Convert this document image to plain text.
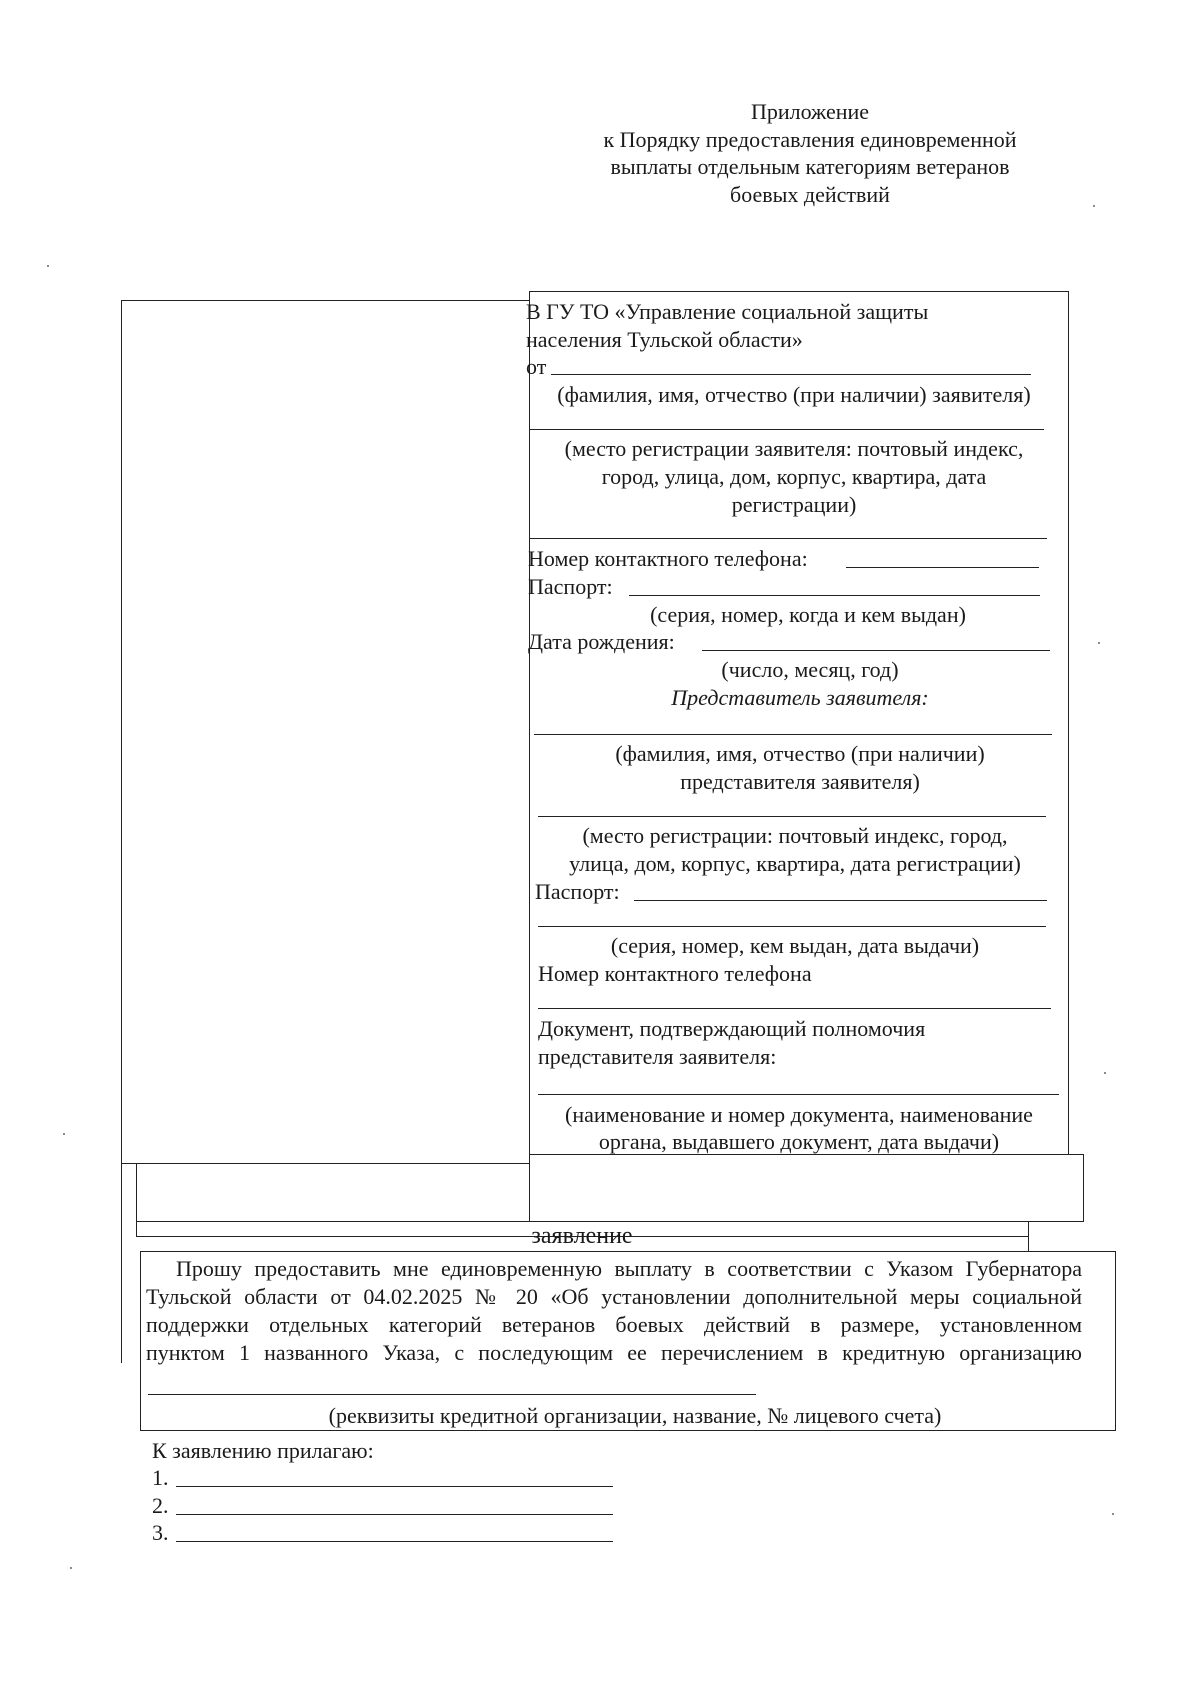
Приложение
к Порядку предоставления единовременной
выплаты отдельным категориям ветеранов
боевых действий
В ГУ ТО «Управление социальной защиты
населения Тульской области»
от
(фамилия, имя, отчество (при наличии) заявителя)
(место регистрации заявителя: почтовый индекс,
город, улица, дом, корпус, квартира, дата
регистрации)
Номер контактного телефона:
Паспорт:
(серия, номер, когда и кем выдан)
Дата рождения:
(число, месяц, год)
Представитель заявителя:
(фамилия, имя, отчество (при наличии)
представителя заявителя)
(место регистрации: почтовый индекс, город,
улица, дом, корпус, квартира, дата регистрации)
Паспорт:
(серия, номер, кем выдан, дата выдачи)
Номер контактного телефона
Документ, подтверждающий полномочия
представителя заявителя:
(наименование и номер документа, наименование
органа, выдавшего документ, дата выдачи)
заявление
Прошу предоставить мне единовременную выплату в соответствии с Указом Губернатора
Тульской области от 04.02.2025 № 20 «Об установлении дополнительной меры социальной
поддержки отдельных категорий ветеранов боевых действий в размере, установленном
пунктом 1 названного Указа, с последующим ее перечислением в кредитную организацию
(реквизиты кредитной организации, название, № лицевого счета)
К заявлению прилагаю:
1.
2.
3.
